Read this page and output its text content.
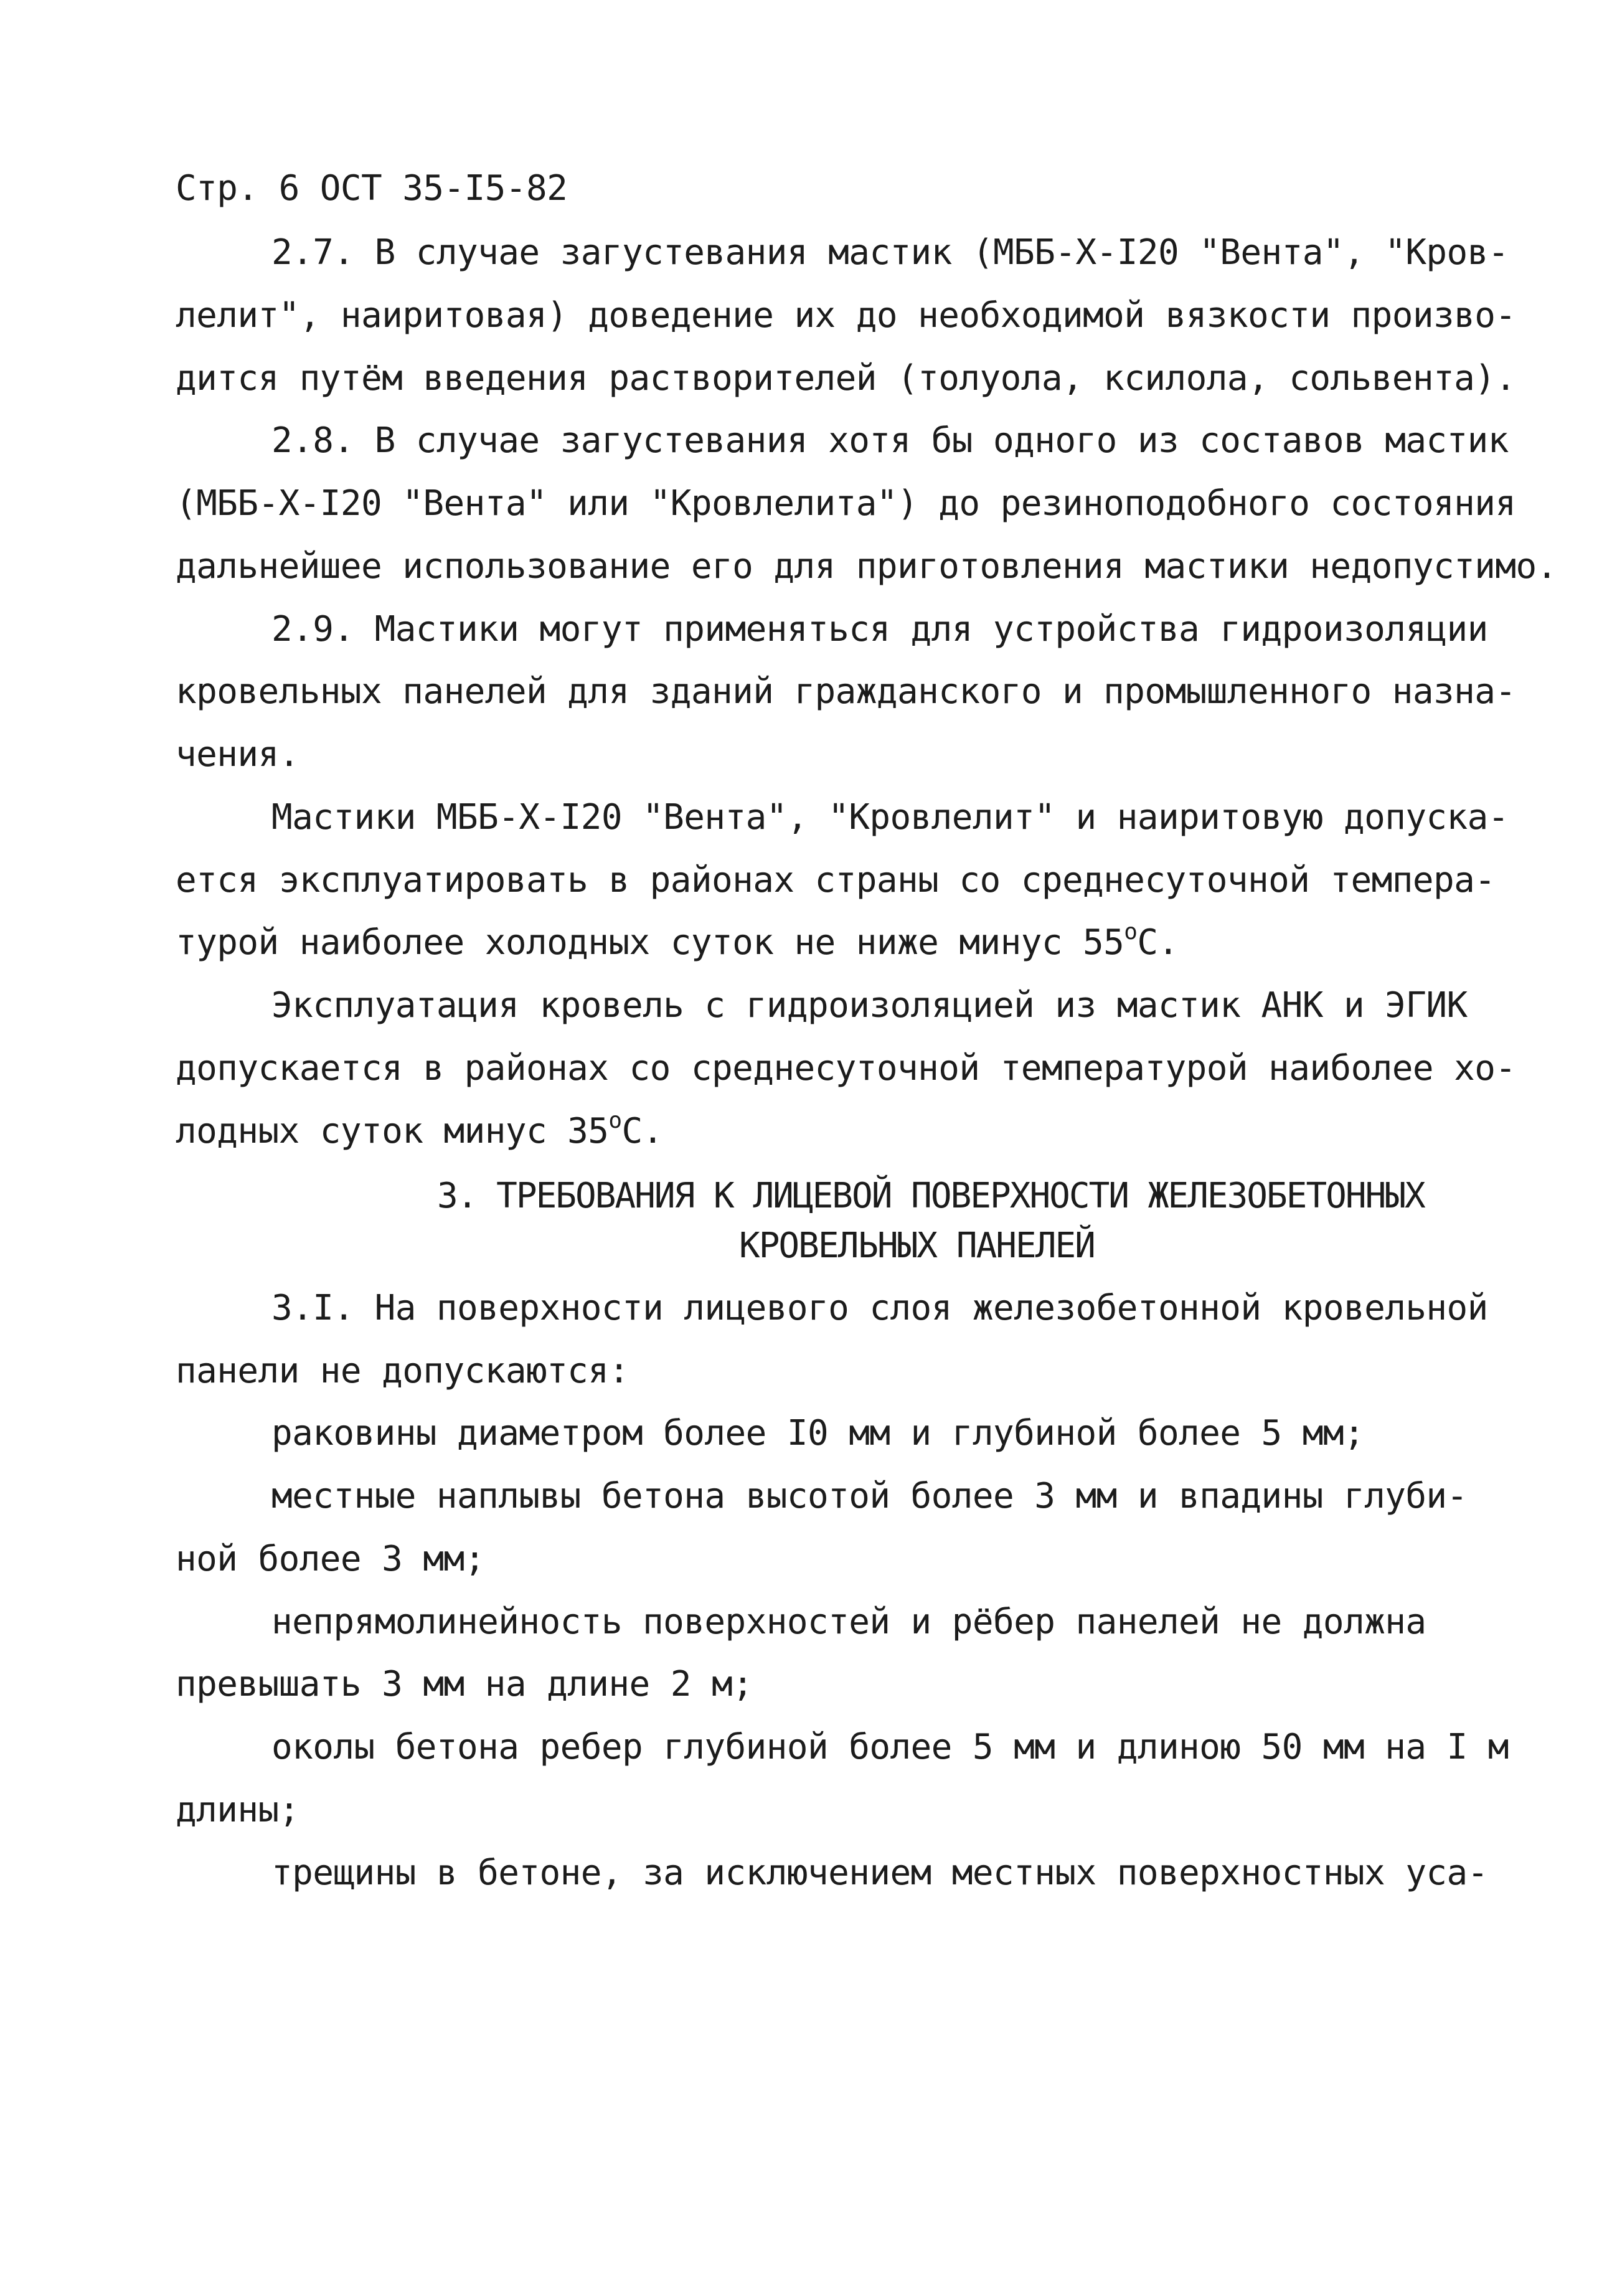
Стр. 6 ОСТ 35-I5-82
2.7. В случае загустевания мастик (МББ-Х-I20 "Вента", "Кров-
лелит", наиритовая) доведение их до необходимой вязкости произво-
дится путём введения растворителей (толуола, ксилола, сольвента).
2.8. В случае загустевания хотя бы одного из составов мастик
(МББ-Х-I20 "Вента" или "Кровлелита") до резиноподобного состояния
дальнейшее использование его для приготовления мастики недопустимо.
2.9. Мастики могут применяться для устройства гидроизоляции
кровельных панелей для зданий гражданского и промышленного назна-
чения.
Мастики МББ-Х-I20 "Вента", "Кровлелит" и наиритовую допуска-
ется эксплуатировать в районах страны со среднесуточной темпера-
турой наиболее холодных суток не ниже минус $55^оС$.
Эксплуатация кровель с гидроизоляцией из мастик АНК и ЭГИК
допускается в районах со среднесуточной температурой наиболее хо-
лодных суток минус $35^оС$.
3. ТРЕБОВАНИЯ К ЛИЦЕВОЙ ПОВЕРХНОСТИ ЖЕЛЕЗОБЕТОННЫХ
КРОВЕЛЬНЫХ ПАНЕЛЕЙ
3.I. На поверхности лицевого слоя железобетонной кровельной
панели не допускаются:
раковины диаметром более I0 мм и глубиной более 5 мм;
местные наплывы бетона высотой более 3 мм и впадины глуби-
ной более 3 мм;
непрямолинейность поверхностей и рёбер панелей не должна
превышать 3 мм на длине 2 м;
околы бетона ребер глубиной более 5 мм и длиною 50 мм на I м
длины;
трещины в бетоне, за исключением местных поверхностных уса-
